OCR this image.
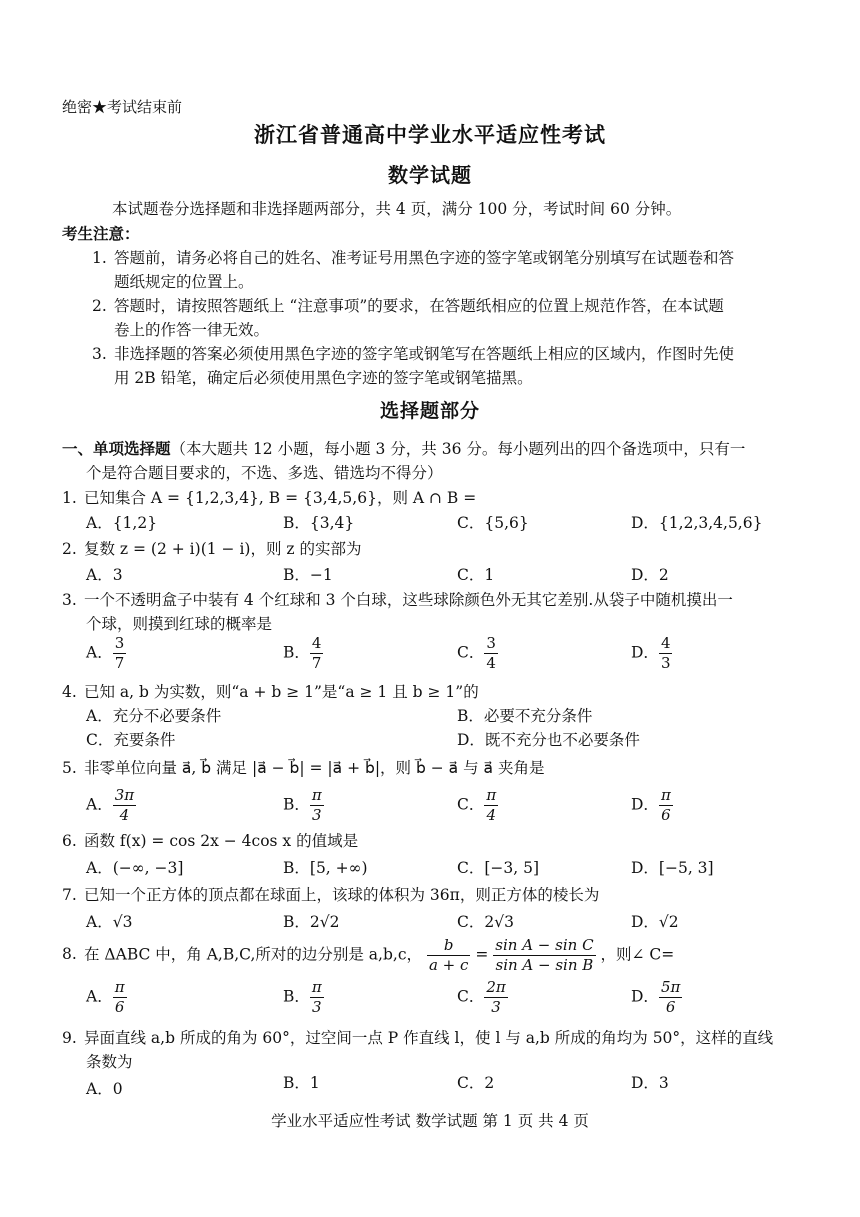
绝密★考试结束前
浙江省普通高中学业水平适应性考试
数学试题
本试题卷分选择题和非选择题两部分，共 4 页，满分 100 分，考试时间 60 分钟。
考生注意：
1. 答题前，请务必将自己的姓名、准考证号用黑色字迹的签字笔或钢笔分别填写在试题卷和答
题纸规定的位置上。
2. 答题时，请按照答题纸上 “注意事项”的要求，在答题纸相应的位置上规范作答，在本试题
卷上的作答一律无效。
3. 非选择题的答案必须使用黑色字迹的签字笔或钢笔写在答题纸上相应的区域内，作图时先使
用 2B 铅笔，确定后必须使用黑色字迹的签字笔或钢笔描黑。
选择题部分
一、单项选择题（本大题共 12 小题，每小题 3 分，共 36 分。每小题列出的四个备选项中，只有一
个是符合题目要求的，不选、多选、错选均不得分）
1. 已知集合 A = {1,2,3,4}, B = {3,4,5,6}，则 A ∩ B =
A．{1,2}	B．{3,4}	C．{5,6}	D．{1,2,3,4,5,6}
2. 复数 z = (2 + i)(1 − i)，则 z 的实部为
A．3	B．−1	C．1	D．2
3. 一个不透明盒子中装有 4 个红球和 3 个白球，这些球除颜色外无其它差别.从袋子中随机摸出一
个球，则摸到红球的概率是
A． $\frac{3}{7}$	B． $\frac{4}{7}$	C． $\frac{3}{4}$	D． $\frac{4}{3}$
4. 已知 a, b 为实数，则“a + b ≥ 1”是“a ≥ 1 且 b ≥ 1”的
A．充分不必要条件	B．必要不充分条件
C．充要条件	D．既不充分也不必要条件
5. 非零单位向量 a⃗, b⃗ 满足 |a⃗ − b⃗| = |a⃗ + b⃗|，则 b⃗ − a⃗ 与 a⃗ 夹角是
A． $\frac{3\pi}{4}$	B． $\frac{\pi}{3}$	C． $\frac{\pi}{4}$	D． $\frac{\pi}{6}$
6. 函数 f(x) = cos 2x − 4cos x 的值域是
A．(−∞, −3]	B．[5, +∞)	C．[−3, 5]	D．[−5, 3]
7. 已知一个正方体的顶点都在球面上，该球的体积为 36π，则正方体的棱长为
A．√3	B．2√2	C．2√3	D．√2
8. 在 ΔABC 中，角 A,B,C,所对的边分别是 a,b,c， $\frac{b}{a + c} = \frac{\text{sin A − sin C}}{\text{sin A − sin B}}$ ，则∠ C=
A． $\frac{\pi}{6}$	B． $\frac{\pi}{3}$	C． $\frac{2\pi}{3}$	D． $\frac{5\pi}{6}$
9. 异面直线 a,b 所成的角为 60°，过空间一点 P 作直线 l，使 l 与 a,b 所成的角均为 50°，这样的直线
条数为
A．0	B．1	C．2	D．3
学业水平适应性考试 数学试题 第 1 页 共 4 页
